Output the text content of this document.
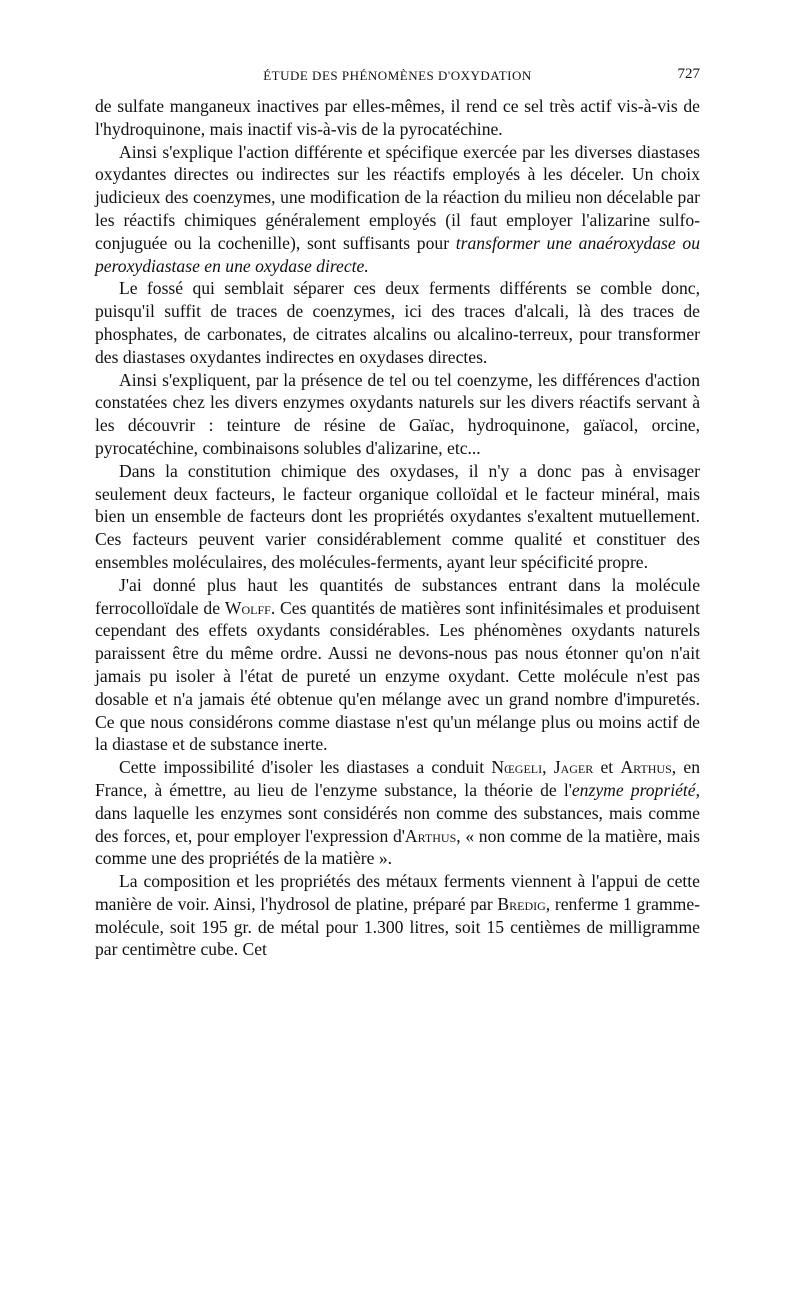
ÉTUDE DES PHÉNOMÈNES D'OXYDATION	727

de sulfate manganeux inactives par elles-mêmes, il rend ce sel très actif vis-à-vis de l'hydroquinone, mais inactif vis-à-vis de la pyrocatéchine.

Ainsi s'explique l'action différente et spécifique exercée par les diverses diastases oxydantes directes ou indirectes sur les réactifs employés à les déceler. Un choix judicieux des coenzymes, une modification de la réaction du milieu non décelable par les réactifs chimiques généralement employés (il faut employer l'alizarine sulfo-conjuguée ou la cochenille), sont suffisants pour transformer une anaéroxydase ou peroxydiastase en une oxydase directe.

Le fossé qui semblait séparer ces deux ferments différents se comble donc, puisqu'il suffit de traces de coenzymes, ici des traces d'alcali, là des traces de phosphates, de carbonates, de citrates alcalins ou alcalino-terreux, pour transformer des diastases oxydantes indirectes en oxydases directes.

Ainsi s'expliquent, par la présence de tel ou tel coenzyme, les différences d'action constatées chez les divers enzymes oxydants naturels sur les divers réactifs servant à les découvrir : teinture de résine de Gaïac, hydroquinone, gaïacol, orcine, pyrocatéchine, combinaisons solubles d'alizarine, etc...

Dans la constitution chimique des oxydases, il n'y a donc pas à envisager seulement deux facteurs, le facteur organique colloïdal et le facteur minéral, mais bien un ensemble de facteurs dont les propriétés oxydantes s'exaltent mutuellement. Ces facteurs peuvent varier considérablement comme qualité et constituer des ensembles moléculaires, des molécules-ferments, ayant leur spécificité propre.

J'ai donné plus haut les quantités de substances entrant dans la molécule ferrocolloïdale de Wolff. Ces quantités de matières sont infinitésimales et produisent cependant des effets oxydants considérables. Les phénomènes oxydants naturels paraissent être du même ordre. Aussi ne devons-nous pas nous étonner qu'on n'ait jamais pu isoler à l'état de pureté un enzyme oxydant. Cette molécule n'est pas dosable et n'a jamais été obtenue qu'en mélange avec un grand nombre d'impuretés. Ce que nous considérons comme diastase n'est qu'un mélange plus ou moins actif de la diastase et de substance inerte.

Cette impossibilité d'isoler les diastases a conduit Nœgeli, Jager et Arthus, en France, à émettre, au lieu de l'enzyme substance, la théorie de l'enzyme propriété, dans laquelle les enzymes sont considérés non comme des substances, mais comme des forces, et, pour employer l'expression d'Arthus, « non comme de la matière, mais comme une des propriétés de la matière ».

La composition et les propriétés des métaux ferments viennent à l'appui de cette manière de voir. Ainsi, l'hydrosol de platine, préparé par Bredig, renferme 1 gramme-molécule, soit 195 gr. de métal pour 1.300 litres, soit 15 centièmes de milligramme par centimètre cube. Cet
